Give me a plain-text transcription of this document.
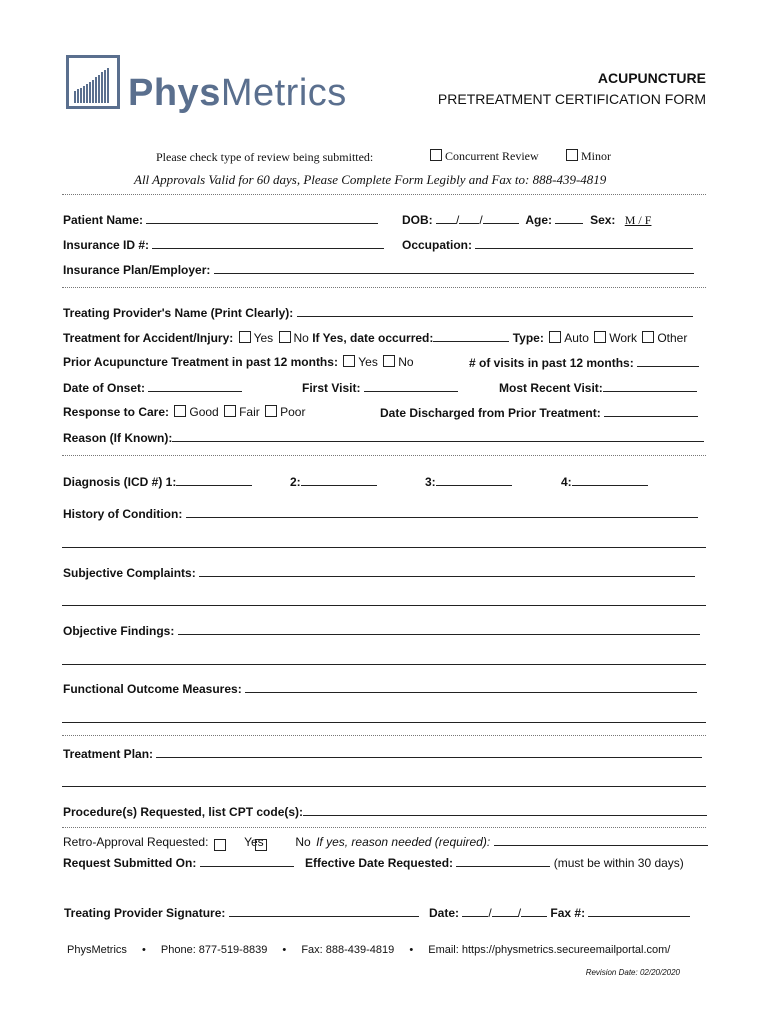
PhysMetrics	ACUPUNCTURE
PRETREATMENT CERTIFICATION FORM
Please check type of review being submitted:	Concurrent Review	Minor
All Approvals Valid for 60 days, Please Complete Form Legibly and Fax to: 888-439-4819
Patient Name:	DOB: / /	Age:	Sex: M / F
Insurance ID #:	Occupation:
Insurance Plan/Employer:
Treating Provider's Name (Print Clearly):
Treatment for Accident/Injury: Yes No If Yes, date occurred:	Type: Auto Work Other
Prior Acupuncture Treatment in past 12 months: Yes No	# of visits in past 12 months:
Date of Onset:	First Visit:	Most Recent Visit:
Response to Care: Good Fair Poor	Date Discharged from Prior Treatment:
Reason (If Known):
Diagnosis (ICD #) 1:	2:	3:	4:
History of Condition:
Subjective Complaints:
Objective Findings:
Functional Outcome Measures:
Treatment Plan:
Procedure(s) Requested, list CPT code(s):
Retro-Approval Requested:	Yes	No If yes, reason needed (required):
Request Submitted On:	Effective Date Requested:	(must be within 30 days)
Treating Provider Signature:	Date: / / Fax #:
PhysMetrics • Phone: 877-519-8839 • Fax: 888-439-4819 • Email: https://physmetrics.secureemailportal.com/
Revision Date: 02/20/2020
